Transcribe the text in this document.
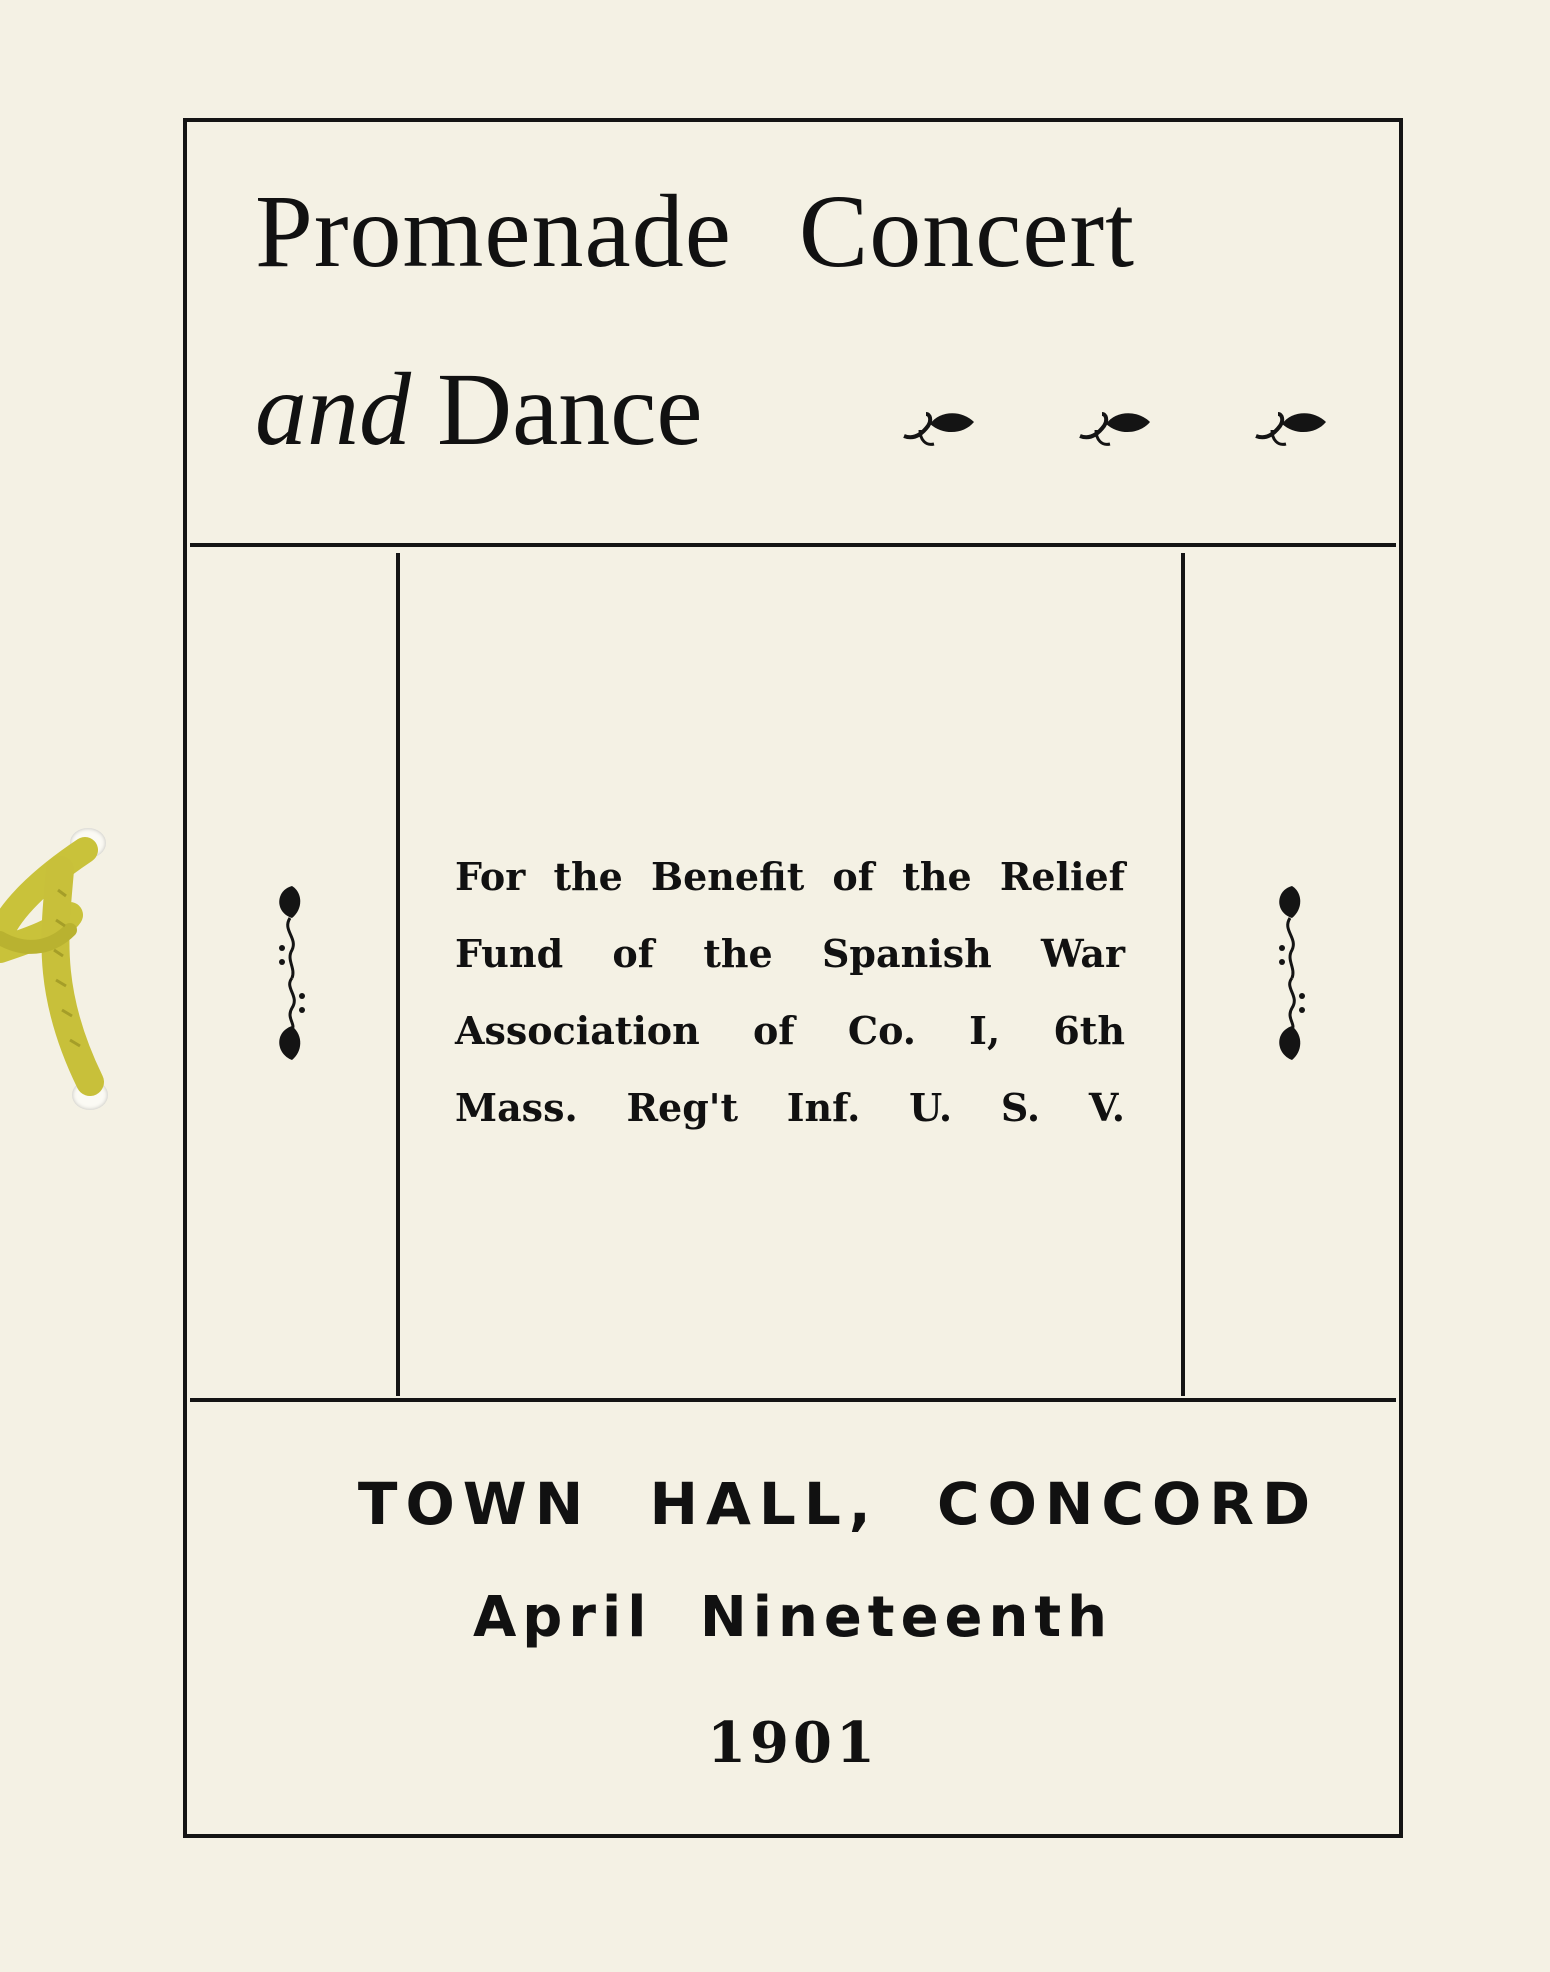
Promenade Concert
and Dance
For the Benefit of the Relief
Fund of the Spanish War
Association of Co. I, 6th
Mass. Reg't Inf. U. S. V.
TOWN HALL, CONCORD
April Nineteenth
1901
